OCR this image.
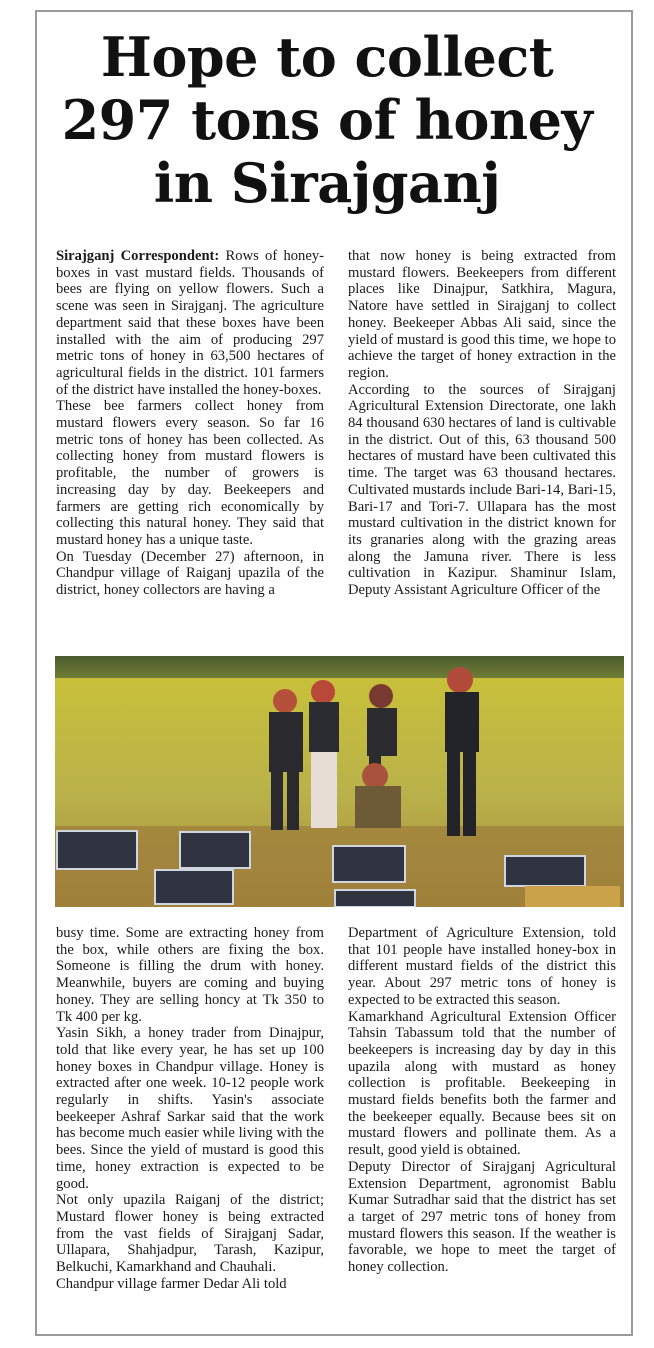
Hope to collect
297 tons of honey
in Sirajganj

Sirajganj Correspondent: Rows of honey-boxes in vast mustard fields. Thousands of bees are flying on yellow flowers. Such a scene was seen in Sirajganj. The agriculture department said that these boxes have been installed with the aim of producing 297 metric tons of honey in 63,500 hectares of agricultural fields in the district. 101 farmers of the district have installed the honey-boxes.

These bee farmers collect honey from mustard flowers every season. So far 16 metric tons of honey has been collected. As collecting honey from mustard flowers is profitable, the number of growers is increasing day by day. Beekeepers and farmers are getting rich economically by collecting this natural honey. They said that mustard honey has a unique taste.

On Tuesday (December 27) afternoon, in Chandpur village of Raiganj upazila of the district, honey collectors are having a

that now honey is being extracted from mustard flowers. Beekeepers from different places like Dinajpur, Satkhira, Magura, Natore have settled in Sirajganj to collect honey. Beekeeper Abbas Ali said, since the yield of mustard is good this time, we hope to achieve the target of honey extraction in the region.

According to the sources of Sirajganj Agricultural Extension Directorate, one lakh 84 thousand 630 hectares of land is cultivable in the district. Out of this, 63 thousand 500 hectares of mustard have been cultivated this time. The target was 63 thousand hectares. Cultivated mustards include Bari-14, Bari-15, Bari-17 and Tori-7. Ullapara has the most mustard cultivation in the district known for its granaries along with the grazing areas along the Jamuna river. There is less cultivation in Kazipur. Shaminur Islam, Deputy Assistant Agriculture Officer of the

busy time. Some are extracting honey from the box, while others are fixing the box. Someone is filling the drum with honey. Meanwhile, buyers are coming and buying honey. They are selling honcy at Tk 350 to Tk 400 per kg.

Yasin Sikh, a honey trader from Dinajpur, told that like every year, he has set up 100 honey boxes in Chandpur village. Honey is extracted after one week. 10-12 people work regularly in shifts. Yasin's associate beekeeper Ashraf Sarkar said that the work has become much easier while living with the bees. Since the yield of mustard is good this time, honey extraction is expected to be good.

Not only upazila Raiganj of the district; Mustard flower honey is being extracted from the vast fields of Sirajganj Sadar, Ullapara, Shahjadpur, Tarash, Kazipur, Belkuchi, Kamarkhand and Chauhali.

Chandpur village farmer Dedar Ali told

Department of Agriculture Extension, told that 101 people have installed honey-box in different mustard fields of the district this year. About 297 metric tons of honey is expected to be extracted this season.

Kamarkhand Agricultural Extension Officer Tahsin Tabassum told that the number of beekeepers is increasing day by day in this upazila along with mustard as honey collection is profitable. Beekeeping in mustard fields benefits both the farmer and the beekeeper equally. Because bees sit on mustard flowers and pollinate them. As a result, good yield is obtained.

Deputy Director of Sirajganj Agricultural Extension Department, agronomist Bablu Kumar Sutradhar said that the district has set a target of 297 metric tons of honey from mustard flowers this season. If the weather is favorable, we hope to meet the target of honey collection.
